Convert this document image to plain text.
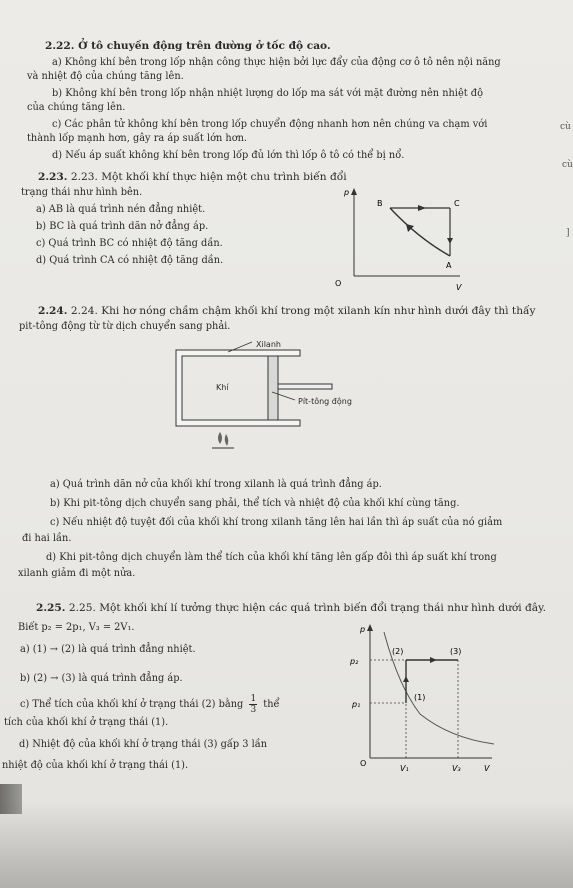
2.22. Ở tô chuyền động trên đường ở tốc độ cao.
a) Không khí bên trong lốp nhận công thực hiện bởi lực đẩy của động cơ ô tô nên nội năng
và nhiệt độ của chúng tăng lên.
b) Không khí bên trong lốp nhận nhiệt lượng do lốp ma sát với mặt đường nên nhiệt độ
của chúng tăng lên.
c) Các phân tử không khí bên trong lốp chuyển động nhanh hơn nên chúng va chạm với
thành lốp mạnh hơn, gây ra áp suất lớn hơn.
d) Nếu áp suất không khí bên trong lốp đủ lớn thì lốp ô tô có thể bị nổ.
2.23. 2.23. Một khối khí thực hiện một chu trình biến đổi
trạng thái như hình bên.
a) AB là quá trình nén đẳng nhiệt.
b) BC là quá trình dãn nở đẳng áp.
c) Quá trình BC có nhiệt độ tăng dần.
d) Quá trình CA có nhiệt độ tăng dần.
p
B	C
A
O	V
2.24. 2.24. Khi hơ nóng chầm chậm khối khí trong một xilanh kín như hình dưới đây thì thấy
pit-tông động từ từ dịch chuyển sang phải.
Xilanh
Khí
Pít-tông động
a) Quá trình dãn nở của khối khí trong xilanh là quá trình đẳng áp.
b) Khi pit-tông dịch chuyển sang phải, thể tích và nhiệt độ của khối khí cùng tăng.
c) Nếu nhiệt độ tuyệt đối của khối khí trong xilanh tăng lên hai lần thì áp suất của nó giảm
đi hai lần.
d) Khi pit-tông dịch chuyển làm thể tích của khối khí tăng lên gấp đôi thì áp suất khí trong
xilanh giảm đi một nửa.
2.25. 2.25. Một khối khí lí tưởng thực hiện các quá trình biến đổi trạng thái như hình dưới đây.
Biết p₂ = 2p₁, V₃ = 2V₁.
a) (1) → (2) là quá trình đẳng nhiệt.
b) (2) → (3) là quá trình đẳng áp.
c) Thể tích của khối khí ở trạng thái (2) bằng $\frac{1}{3}$ thể
tích của khối khí ở trạng thái (1).
d) Nhiệt độ của khối khí ở trạng thái (3) gấp 3 lần
nhiệt độ của khối khí ở trạng thái (1).
p
p₂
p₁
O
V₁	V₃	V
(2)	(3)
(1)
cù
cù
]
